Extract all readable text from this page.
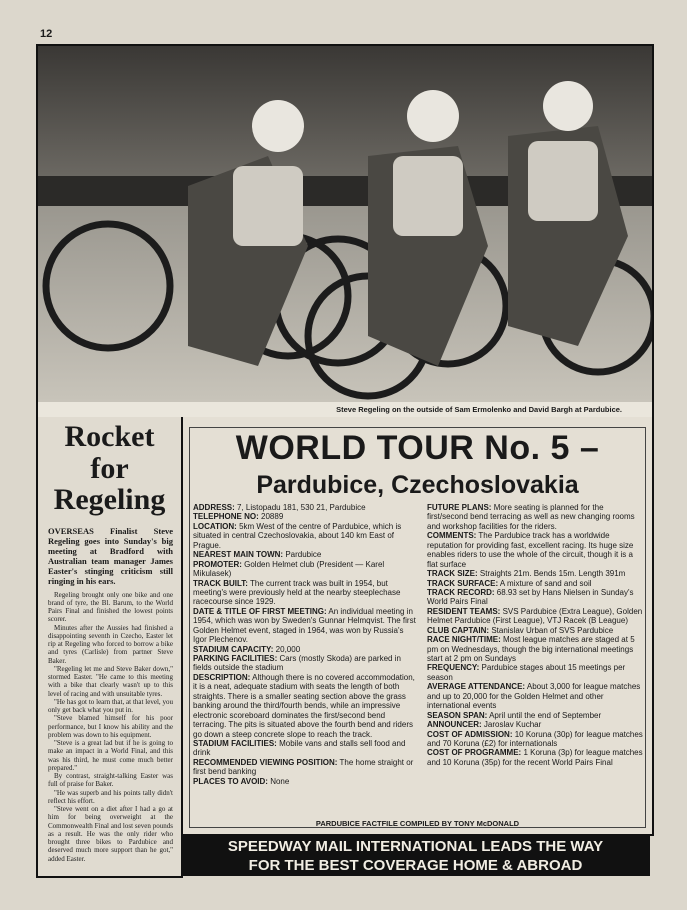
12
Steve Regeling on the outside of Sam Ermolenko and David Bargh at Pardubice.
Rocket
for
Regeling
OVERSEAS Finalist Steve Regeling goes into Sunday's big meeting at Bradford with Australian team manager James Easter's stinging criticism still ringing in his ears.

Regeling brought only one bike and one brand of tyre, the Bl. Barum, to the World Pairs Final and finished the lowest points scorer.

Minutes after the Aussies had finished a disappointing seventh in Czecho, Easter let rip at Regeling who forced to borrow a bike and tyres (Carlisle) from partner Steve Baker.

"Regeling let me and Steve Baker down," stormed Easter. "He came to this meeting with a bike that clearly wasn't up to this level of racing and with unsuitable tyres.

"He has got to learn that, at that level, you only get back what you put in.

"Steve blamed himself for his poor performance, but I know his ability and the problem was down to his equipment.

"Steve is a great lad but if he is going to make an impact in a World Final, and this was his third, he must come much better prepared."

By contrast, straight-talking Easter was full of praise for Baker.

"He was superb and his points tally didn't reflect his effort.

"Steve went on a diet after I had a go at him for being overweight at the Commonwealth Final and lost seven pounds as a result. He was the only rider who brought three bikes to Pardubice and deserved much more support than he got," added Easter.

WORLD TOUR No. 5 –
Pardubice, Czechoslovakia

ADDRESS: 7, Listopadu 181, 530 21, Pardubice

TELEPHONE NO: 20889

LOCATION: 5km West of the centre of Pardubice, which is situated in central Czechoslovakia, about 140 km East of Prague.

NEAREST MAIN TOWN: Pardubice

PROMOTER: Golden Helmet club (President — Karel Mikulasek)

TRACK BUILT: The current track was built in 1954, but meeting's were previously held at the nearby steeplechase racecourse since 1929.

DATE & TITLE OF FIRST MEETING: An individual meeting in 1954, which was won by Sweden's Gunnar Helmqvist. The first Golden Helmet event, staged in 1964, was won by Russia's Igor Plechenov.

STADIUM CAPACITY: 20,000

PARKING FACILITIES: Cars (mostly Skoda) are parked in fields outside the stadium

DESCRIPTION: Although there is no covered accommodation, it is a neat, adequate stadium with seats the length of both straights. There is a smaller seating section above the grass banking around the third/fourth bends, while an impressive electronic scoreboard dominates the first/second bend terracing. The pits is situated above the fourth bend and riders go down a steep concrete slope to reach the track.

STADIUM FACILITIES: Mobile vans and stalls sell food and drink

RECOMMENDED VIEWING POSITION: The home straight or first bend banking

PLACES TO AVOID: None

FUTURE PLANS: More seating is planned for the first/second bend terracing as well as new changing rooms and workshop facilities for the riders.

COMMENTS: The Pardubice track has a worldwide reputation for providing fast, excellent racing. Its huge size enables riders to use the whole of the circuit, though it is a flat surface

TRACK SIZE: Straights 21m. Bends 15m. Length 391m

TRACK SURFACE: A mixture of sand and soil

TRACK RECORD: 68.93 set by Hans Nielsen in Sunday's World Pairs Final

RESIDENT TEAMS: SVS Pardubice (Extra League), Golden Helmet Pardubice (First League), VTJ Racek (B League)

CLUB CAPTAIN: Stanislav Urban of SVS Pardubice

RACE NIGHT/TIME: Most league matches are staged at 5 pm on Wednesdays, though the big international meetings start at 2 pm on Sundays

FREQUENCY: Pardubice stages about 15 meetings per season

AVERAGE ATTENDANCE: About 3,000 for league matches and up to 20,000 for the Golden Helmet and other international events

SEASON SPAN: April until the end of September

ANNOUNCER: Jaroslav Kuchar

COST OF ADMISSION: 10 Koruna (30p) for league matches and 70 Koruna (£2) for internationals

COST OF PROGRAMME: 1 Koruna (3p) for league matches and 10 Koruna (35p) for the recent World Pairs Final

PARDUBICE FACTFILE COMPILED BY TONY McDONALD
SPEEDWAY MAIL INTERNATIONAL LEADS THE WAY
FOR THE BEST COVERAGE HOME & ABROAD
